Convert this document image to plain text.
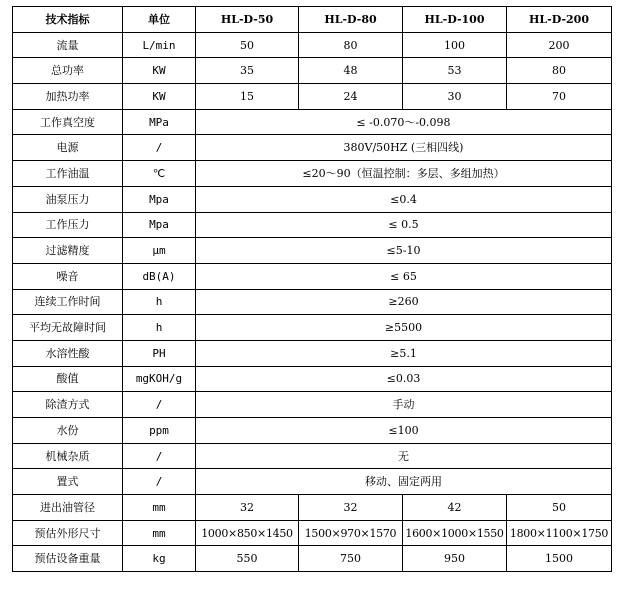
技术指标	单位	HL-D-50	HL-D-80	HL-D-100	HL-D-200
流量	L/min	50	80	100	200
总功率	KW	35	48	53	80
加热功率	KW	15	24	30	70
工作真空度	MPa	≤ -0.070～-0.098			
电源	/	380V/50HZ (三相四线)			
工作油温	℃	≤20～90（恒温控制：多层、多组加热）			
油泵压力	Mpa	≤0.4			
工作压力	Mpa	≤ 0.5			
过滤精度	μm	≤5-10			
噪音	dB(A)	≤ 65			
连续工作时间	h	≥260			
平均无故障时间	h	≥5500			
水溶性酸	PH	≥5.1			
酸值	mgKOH/g	≤0.03			
除渣方式	/	手动			
水份	ppm	≤100			
机械杂质	/	无			
置式	/	移动、固定两用			
进出油管径	mm	32	32	42	50
预估外形尺寸	mm	1000×850×1450	1500×970×1570	1600×1000×1550	1800×1100×1750
预估设备重量	kg	550	750	950	1500
